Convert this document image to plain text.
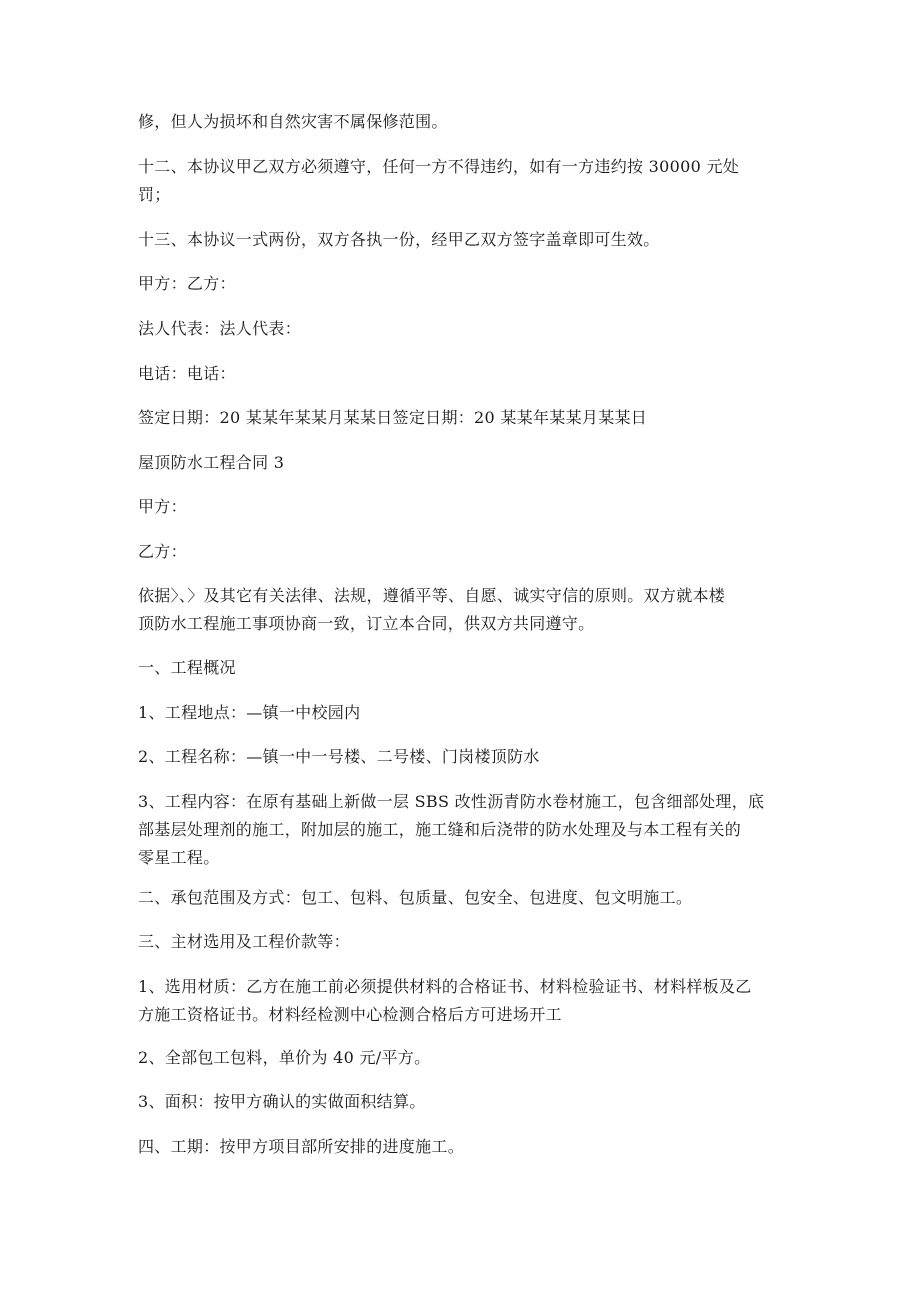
修，但人为损坏和自然灾害不属保修范围。
十二、本协议甲乙双方必须遵守，任何一方不得违约，如有一方违约按 30000 元处
罚；
十三、本协议一式两份，双方各执一份，经甲乙双方签字盖章即可生效。
甲方：乙方：
法人代表：法人代表：
电话：电话：
签定日期：20 某某年某某月某某日签定日期：20 某某年某某月某某日
屋顶防水工程合同 3
甲方：
乙方：
依据〉、〉及其它有关法律、法规，遵循平等、自愿、诚实守信的原则。双方就本楼
顶防水工程施工事项协商一致，订立本合同，供双方共同遵守。
一、工程概况
1、工程地点：—镇一中校园内
2、工程名称：—镇一中一号楼、二号楼、门岗楼顶防水
3、工程内容：在原有基础上新做一层 SBS 改性沥青防水卷材施工，包含细部处理，底
部基层处理剂的施工，附加层的施工，施工缝和后浇带的防水处理及与本工程有关的
零星工程。
二、承包范围及方式：包工、包料、包质量、包安全、包进度、包文明施工。
三、主材选用及工程价款等：
1、选用材质：乙方在施工前必须提供材料的合格证书、材料检验证书、材料样板及乙
方施工资格证书。材料经检测中心检测合格后方可进场开工
2、全部包工包料，单价为 40 元/平方。
3、面积：按甲方确认的实做面积结算。
四、工期：按甲方项目部所安排的进度施工。
